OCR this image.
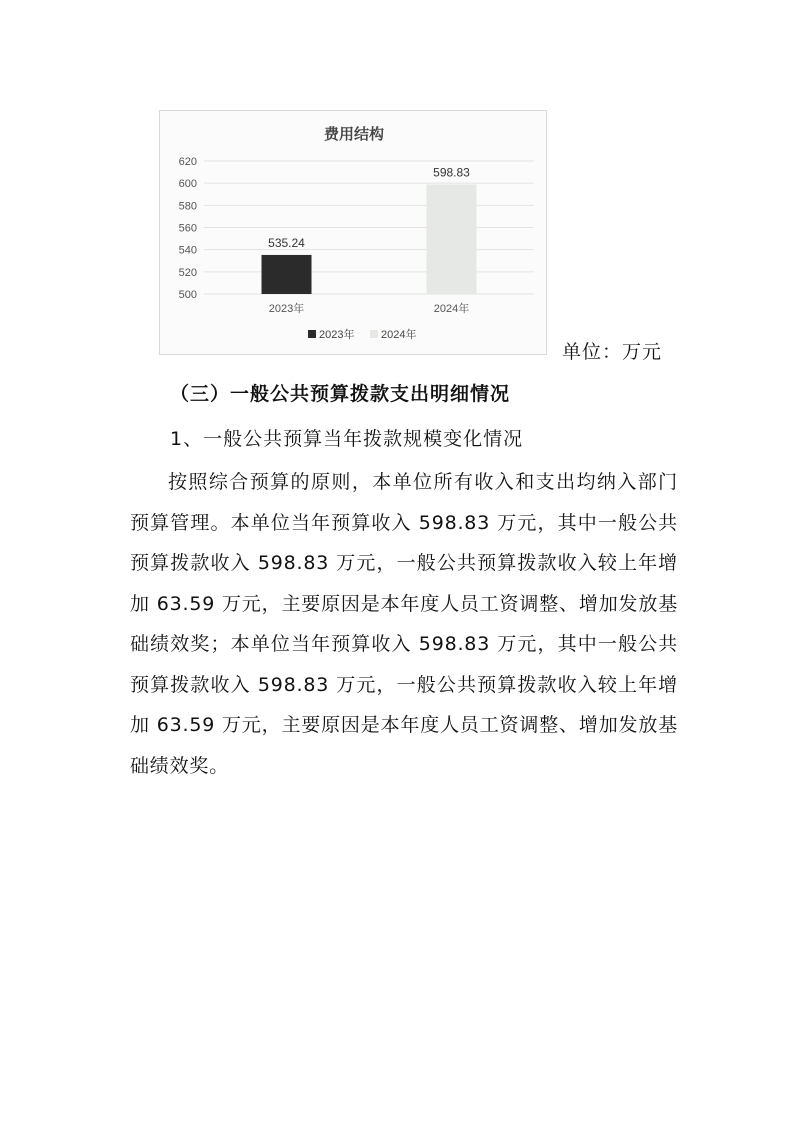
费用结构
500
520
540
560
580
600
620
535.24
2023年
598.83
2024年
2023年 2024年
单位：万元
（三）一般公共预算拨款支出明细情况
1、一般公共预算当年拨款规模变化情况

按照综合预算的原则，本单位所有收入和支出均纳入部门预算管理。本单位当年预算收入 598.83 万元，其中一般公共预算拨款收入 598.83 万元，一般公共预算拨款收入较上年增加 63.59 万元，主要原因是本年度人员工资调整、增加发放基础绩效奖；本单位当年预算收入 598.83 万元，其中一般公共预算拨款收入 598.83 万元，一般公共预算拨款收入较上年增加 63.59 万元，主要原因是本年度人员工资调整、增加发放基础绩效奖。
